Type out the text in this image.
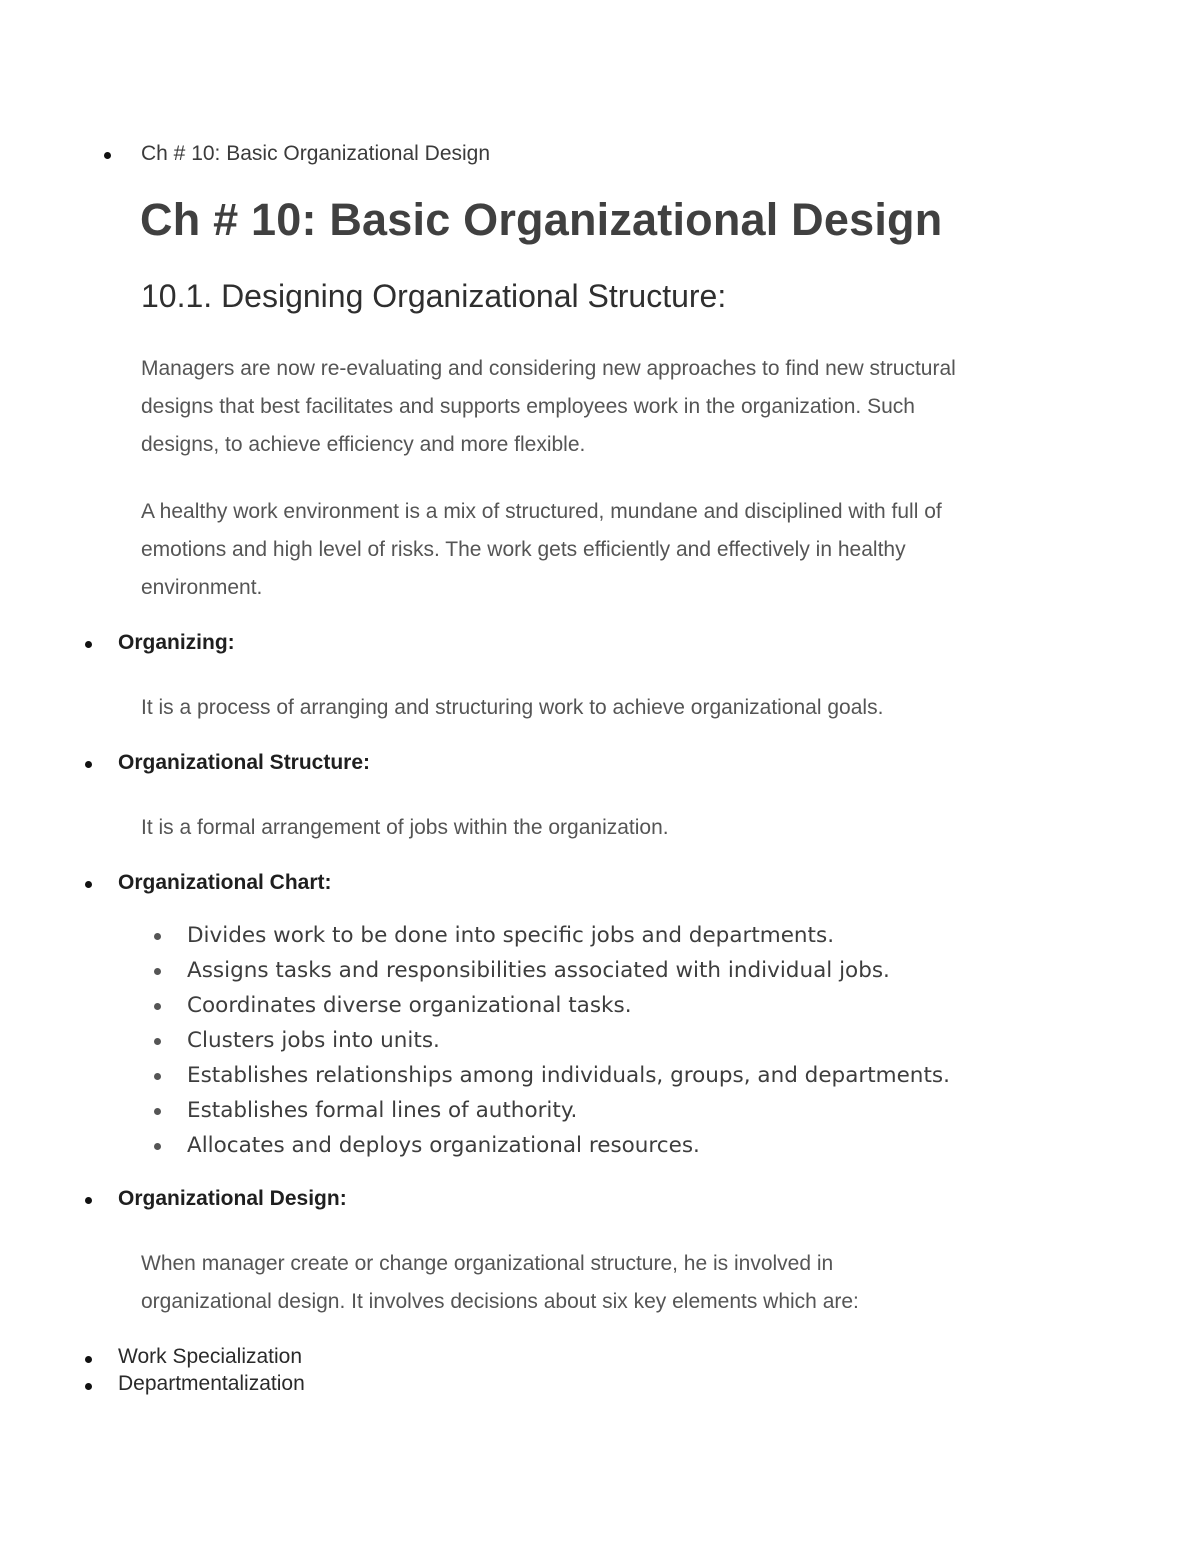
Ch # 10: Basic Organizational Design
Ch # 10: Basic Organizational Design
10.1. Designing Organizational Structure:
Managers are now re-evaluating and considering new approaches to find new structural
designs that best facilitates and supports employees work in the organization. Such
designs, to achieve efficiency and more flexible.
A healthy work environment is a mix of structured, mundane and disciplined with full of
emotions and high level of risks. The work gets efficiently and effectively in healthy
environment.
Organizing:
It is a process of arranging and structuring work to achieve organizational goals.
Organizational Structure:
It is a formal arrangement of jobs within the organization.
Organizational Chart:
Divides work to be done into specific jobs and departments.
Assigns tasks and responsibilities associated with individual jobs.
Coordinates diverse organizational tasks.
Clusters jobs into units.
Establishes relationships among individuals, groups, and departments.
Establishes formal lines of authority.
Allocates and deploys organizational resources.
Organizational Design:
When manager create or change organizational structure, he is involved in
organizational design. It involves decisions about six key elements which are:
Work Specialization
Departmentalization
